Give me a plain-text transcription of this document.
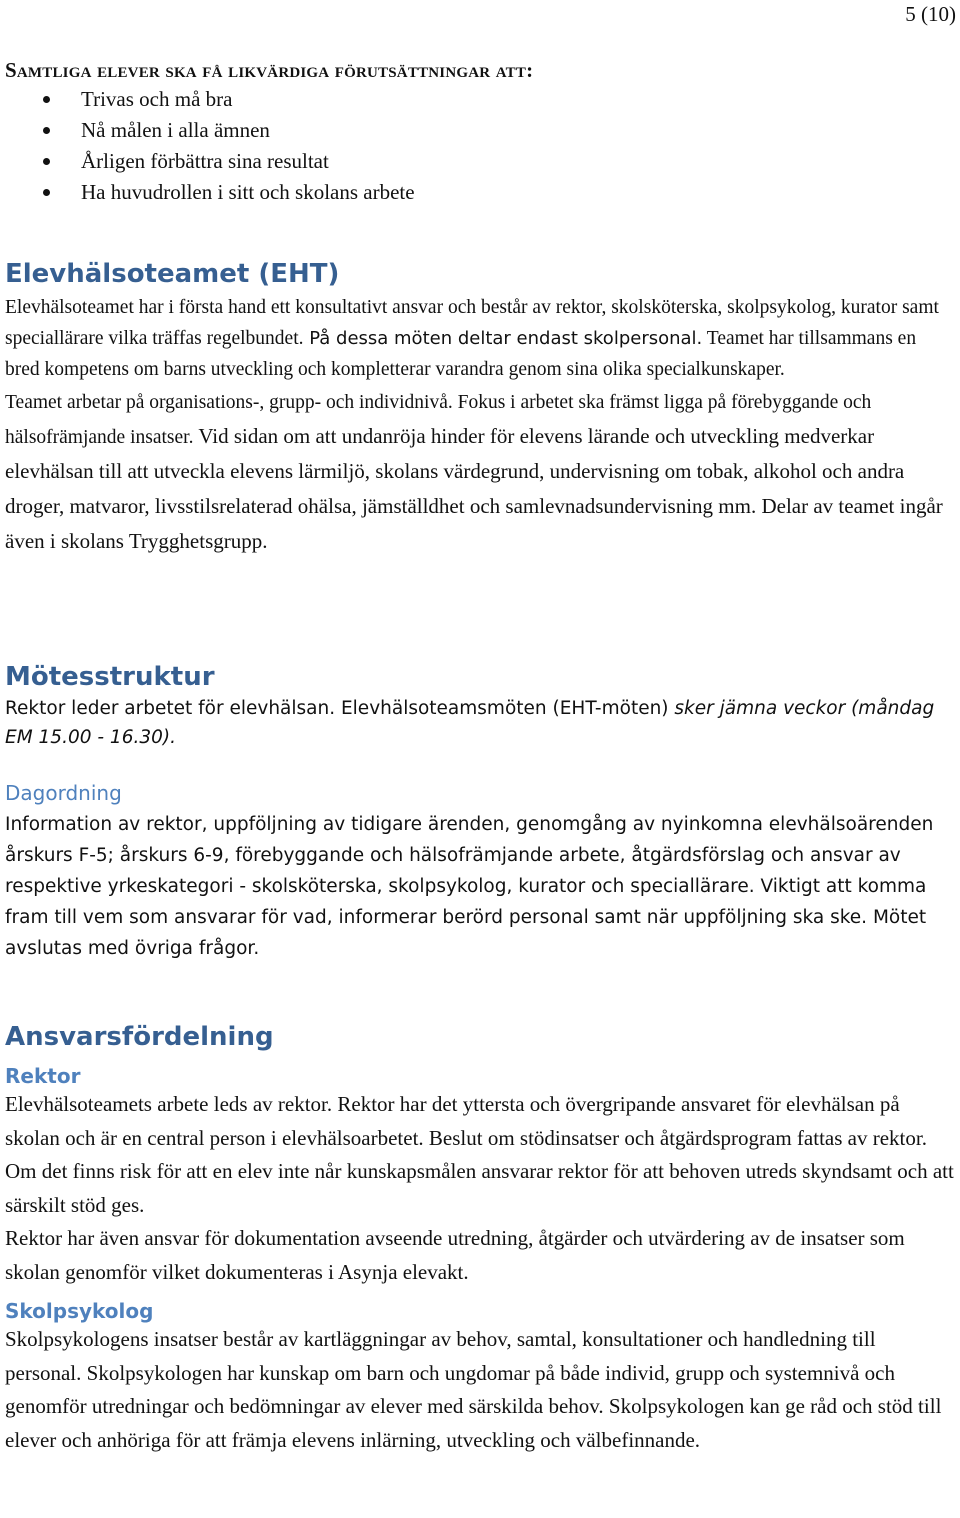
5 (10)

Samtliga elever ska få likvärdiga förutsättningar att:

Trivas och må bra
Nå målen i alla ämnen
Årligen förbättra sina resultat
Ha huvudrollen i sitt och skolans arbete

Elevhälsoteamet (EHT)

Elevhälsoteamet har i första hand ett konsultativt ansvar och består av rektor, skolsköterska, skolpsykolog, kurator samt speciallärare vilka träffas regelbundet. På dessa möten deltar endast skolpersonal. Teamet har tillsammans en bred kompetens om barns utveckling och kompletterar varandra genom sina olika specialkunskaper.

Teamet arbetar på organisations-, grupp- och individnivå. Fokus i arbetet ska främst ligga på förebyggande och hälsofrämjande insatser. Vid sidan om att undanröja hinder för elevens lärande och utveckling medverkar elevhälsan till att utveckla elevens lärmiljö, skolans värdegrund, undervisning om tobak, alkohol och andra droger, matvaror, livsstilsrelaterad ohälsa, jämställdhet och samlevnadsundervisning mm. Delar av teamet ingår även i skolans Trygghetsgrupp.

Mötesstruktur

Rektor leder arbetet för elevhälsan. Elevhälsoteamsmöten (EHT-möten) sker jämna veckor (måndag EM 15.00 - 16.30).

Dagordning

Information av rektor, uppföljning av tidigare ärenden, genomgång av nyinkomna elevhälsoärenden årskurs F-5; årskurs 6-9, förebyggande och hälsofrämjande arbete, åtgärdsförslag och ansvar av respektive yrkeskategori - skolsköterska, skolpsykolog, kurator och speciallärare. Viktigt att komma fram till vem som ansvarar för vad, informerar berörd personal samt när uppföljning ska ske. Mötet avslutas med övriga frågor.

Ansvarsfördelning

Rektor

Elevhälsoteamets arbete leds av rektor. Rektor har det yttersta och övergripande ansvaret för elevhälsan på skolan och är en central person i elevhälsoarbetet. Beslut om stödinsatser och åtgärdsprogram fattas av rektor. Om det finns risk för att en elev inte når kunskapsmålen ansvarar rektor för att behoven utreds skyndsamt och att särskilt stöd ges.

Rektor har även ansvar för dokumentation avseende utredning, åtgärder och utvärdering av de insatser som skolan genomför vilket dokumenteras i Asynja elevakt.

Skolpsykolog

Skolpsykologens insatser består av kartläggningar av behov, samtal, konsultationer och handledning till personal. Skolpsykologen har kunskap om barn och ungdomar på både individ, grupp och systemnivå och genomför utredningar och bedömningar av elever med särskilda behov. Skolpsykologen kan ge råd och stöd till elever och anhöriga för att främja elevens inlärning, utveckling och välbefinnande.
